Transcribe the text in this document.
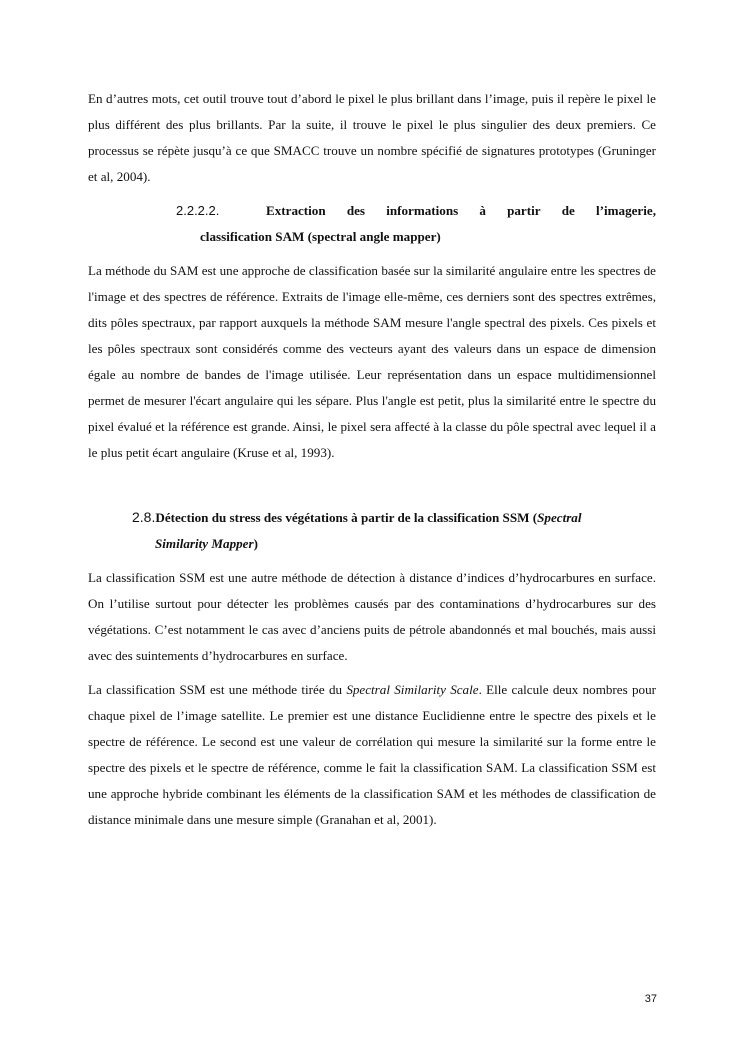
En d’autres mots, cet outil trouve tout d’abord le pixel le plus brillant dans l’image, puis il repère le pixel le plus différent des plus brillants. Par la suite, il trouve le pixel le plus singulier des deux premiers. Ce processus se répète jusqu’à ce que SMACC trouve un nombre spécifié de signatures prototypes (Gruninger et al, 2004).

2.2.2.2.	Extraction des informations à partir de l’imagerie,
classification SAM (spectral angle mapper)

La méthode du SAM est une approche de classification basée sur la similarité angulaire entre les spectres de l'image et des spectres de référence. Extraits de l'image elle-même, ces derniers sont des spectres extrêmes, dits pôles spectraux, par rapport auxquels la méthode SAM mesure l'angle spectral des pixels. Ces pixels et les pôles spectraux sont considérés comme des vecteurs ayant des valeurs dans un espace de dimension égale au nombre de bandes de l'image utilisée. Leur représentation dans un espace multidimensionnel permet de mesurer l'écart angulaire qui les sépare. Plus l'angle est petit, plus la similarité entre le spectre du pixel évalué et la référence est grande. Ainsi, le pixel sera affecté à la classe du pôle spectral avec lequel il a le plus petit écart angulaire (Kruse et al, 1993).

2.8.Détection du stress des végétations à partir de la classification SSM (Spectral
Similarity Mapper)

La classification SSM est une autre méthode de détection à distance d’indices d’hydrocarbures en surface. On l’utilise surtout pour détecter les problèmes causés par des contaminations d’hydrocarbures sur des végétations. C’est notamment le cas avec d’anciens puits de pétrole abandonnés et mal bouchés, mais aussi avec des suintements d’hydrocarbures en surface.

La classification SSM est une méthode tirée du Spectral Similarity Scale. Elle calcule deux nombres pour chaque pixel de l’image satellite. Le premier est une distance Euclidienne entre le spectre des pixels et le spectre de référence. Le second est une valeur de corrélation qui mesure la similarité sur la forme entre le spectre des pixels et le spectre de référence, comme le fait la classification SAM. La classification SSM est une approche hybride combinant les éléments de la classification SAM et les méthodes de classification de distance minimale dans une mesure simple (Granahan et al, 2001).

37
